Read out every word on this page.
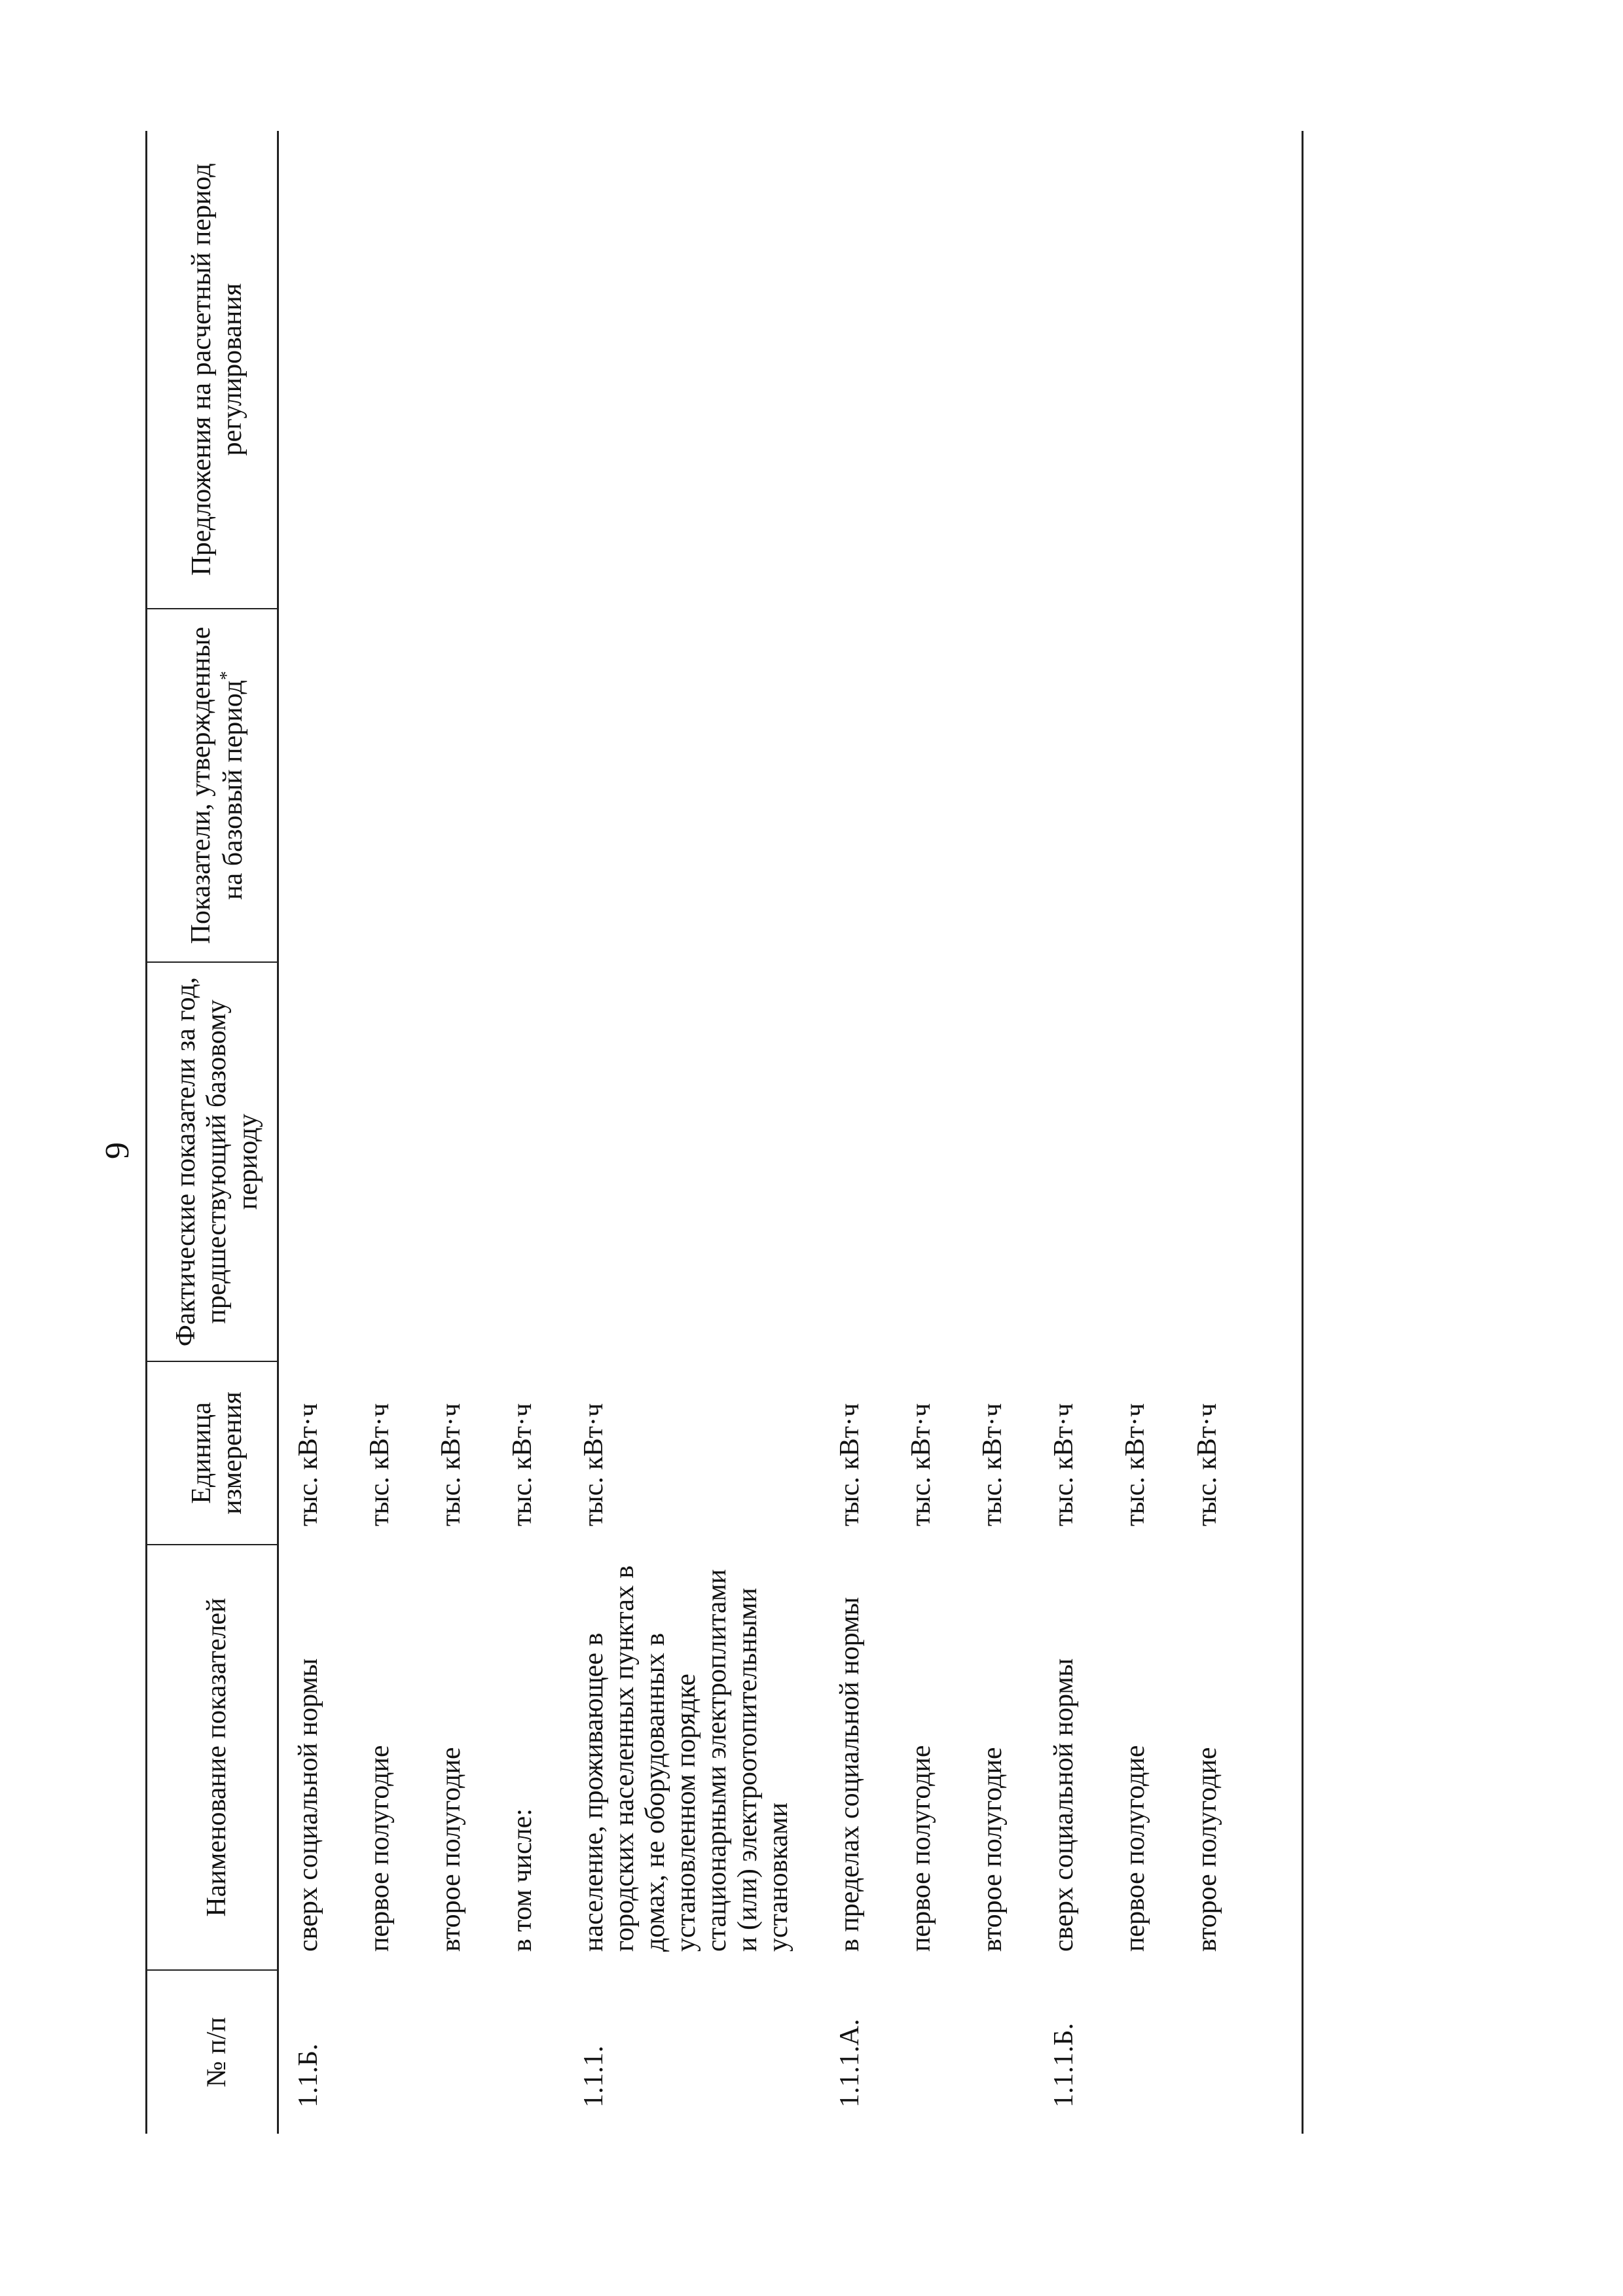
9
№ п/п	Наименование показателей	Единица измерения	Фактические показатели за год, предшествующий базовому периоду	Показатели, утвержденные на базовый период*	Предложения на расчетный период регулирования
1.1.Б.	сверх социальной нормы	тыс. кВт·ч			
	первое полугодие	тыс. кВт·ч			
	второе полугодие	тыс. кВт·ч			
	в том числе:	тыс. кВт·ч			
1.1.1.	население, проживающее в городских населенных пунктах в домах, не оборудованных в установленном порядке стационарными электроплитами и (или) электроотопительными установками	тыс. кВт·ч			
1.1.1.А.	в пределах социальной нормы	тыс. кВт·ч			
	первое полугодие	тыс. кВт·ч			
	второе полугодие	тыс. кВт·ч			
1.1.1.Б.	сверх социальной нормы	тыс. кВт·ч			
	первое полугодие	тыс. кВт·ч			
	второе полугодие	тыс. кВт·ч			
